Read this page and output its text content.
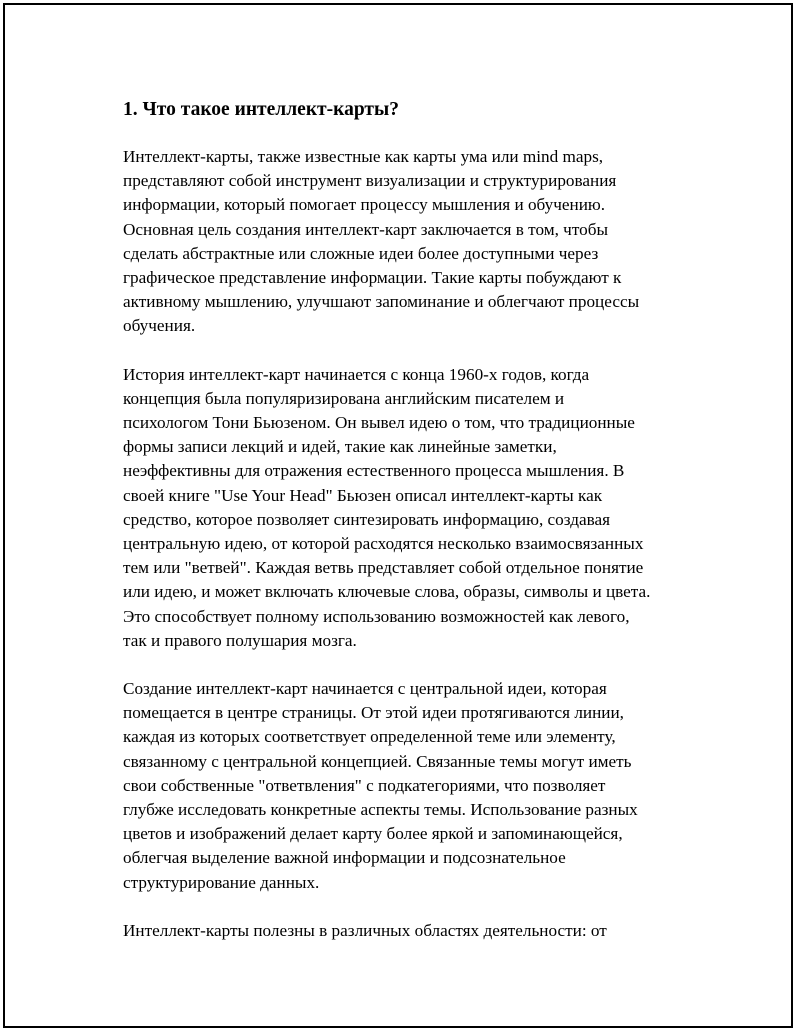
1. Что такое интеллект-карты?

Интеллект-карты, также известные как карты ума или mind maps,
представляют собой инструмент визуализации и структурирования
информации, который помогает процессу мышления и обучению.
Основная цель создания интеллект-карт заключается в том, чтобы
сделать абстрактные или сложные идеи более доступными через
графическое представление информации. Такие карты побуждают к
активному мышлению, улучшают запоминание и облегчают процессы
обучения.

История интеллект-карт начинается с конца 1960-х годов, когда
концепция была популяризирована английским писателем и
психологом Тони Бьюзеном. Он вывел идею о том, что традиционные
формы записи лекций и идей, такие как линейные заметки,
неэффективны для отражения естественного процесса мышления. В
своей книге "Use Your Head" Бьюзен описал интеллект-карты как
средство, которое позволяет синтезировать информацию, создавая
центральную идею, от которой расходятся несколько взаимосвязанных
тем или "ветвей". Каждая ветвь представляет собой отдельное понятие
или идею, и может включать ключевые слова, образы, символы и цвета.
Это способствует полному использованию возможностей как левого,
так и правого полушария мозга.

Создание интеллект-карт начинается с центральной идеи, которая
помещается в центре страницы. От этой идеи протягиваются линии,
каждая из которых соответствует определенной теме или элементу,
связанному с центральной концепцией. Связанные темы могут иметь
свои собственные "ответвления" с подкатегориями, что позволяет
глубже исследовать конкретные аспекты темы. Использование разных
цветов и изображений делает карту более яркой и запоминающейся,
облегчая выделение важной информации и подсознательное
структурирование данных.

Интеллект-карты полезны в различных областях деятельности: от
